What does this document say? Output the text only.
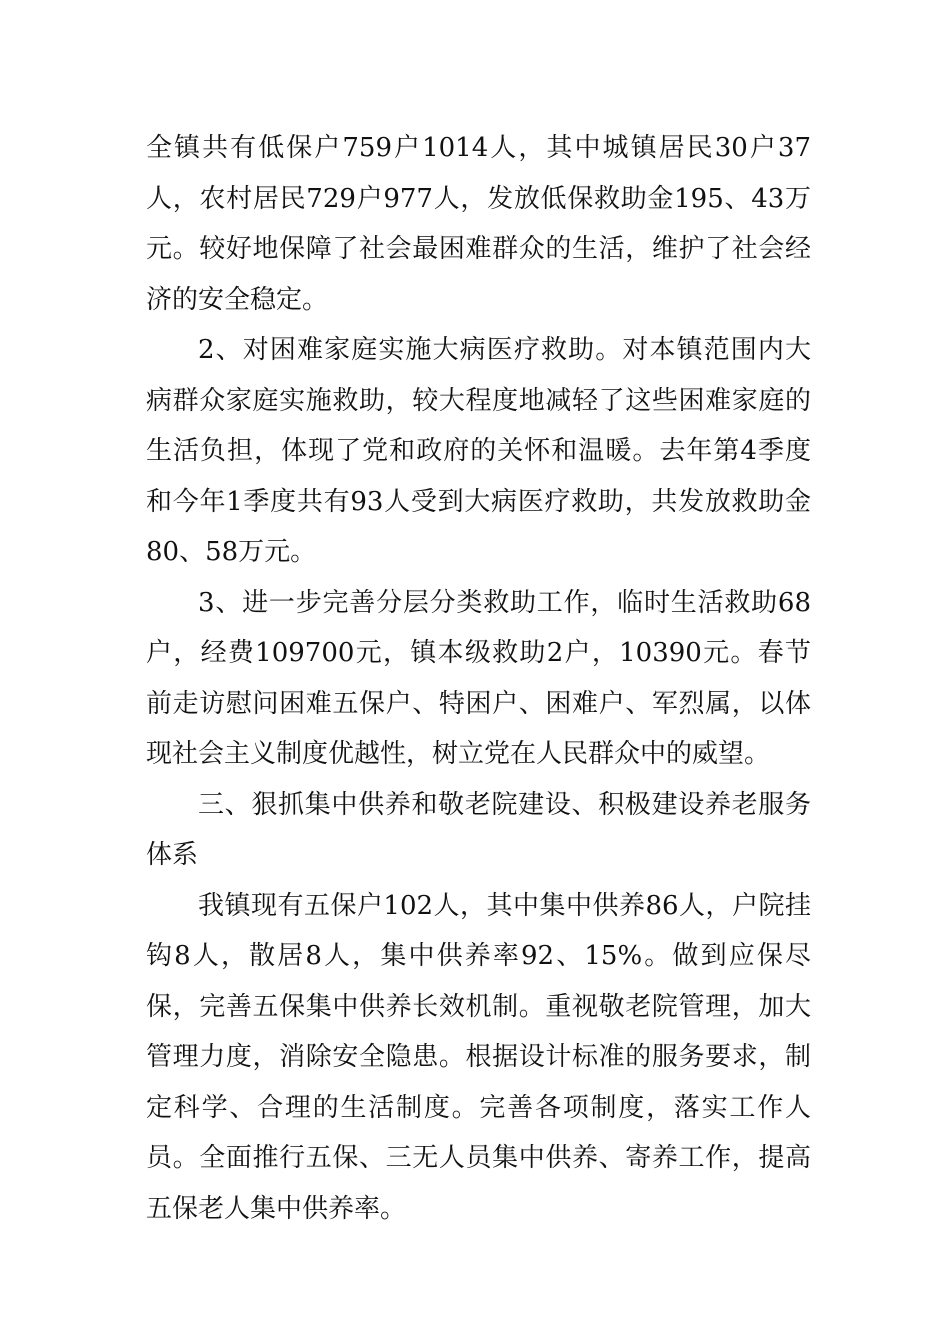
全镇共有低保户759户1014人，其中城镇居民30户37人，农村居民729户977人，发放低保救助金195、43万元。较好地保障了社会最困难群众的生活，维护了社会经济的安全稳定。

2、对困难家庭实施大病医疗救助。对本镇范围内大病群众家庭实施救助，较大程度地减轻了这些困难家庭的生活负担，体现了党和政府的关怀和温暖。去年第4季度和今年1季度共有93人受到大病医疗救助，共发放救助金80、58万元。

3、进一步完善分层分类救助工作，临时生活救助68户，经费109700元，镇本级救助2户，10390元。春节前走访慰问困难五保户、特困户、困难户、军烈属，以体现社会主义制度优越性，树立党在人民群众中的威望。

三、狠抓集中供养和敬老院建设、积极建设养老服务体系

我镇现有五保户102人，其中集中供养86人，户院挂钩8人，散居8人，集中供养率92、15%。做到应保尽保，完善五保集中供养长效机制。重视敬老院管理，加大管理力度，消除安全隐患。根据设计标准的服务要求，制定科学、合理的生活制度。完善各项制度，落实工作人员。全面推行五保、三无人员集中供养、寄养工作，提高五保老人集中供养率。
